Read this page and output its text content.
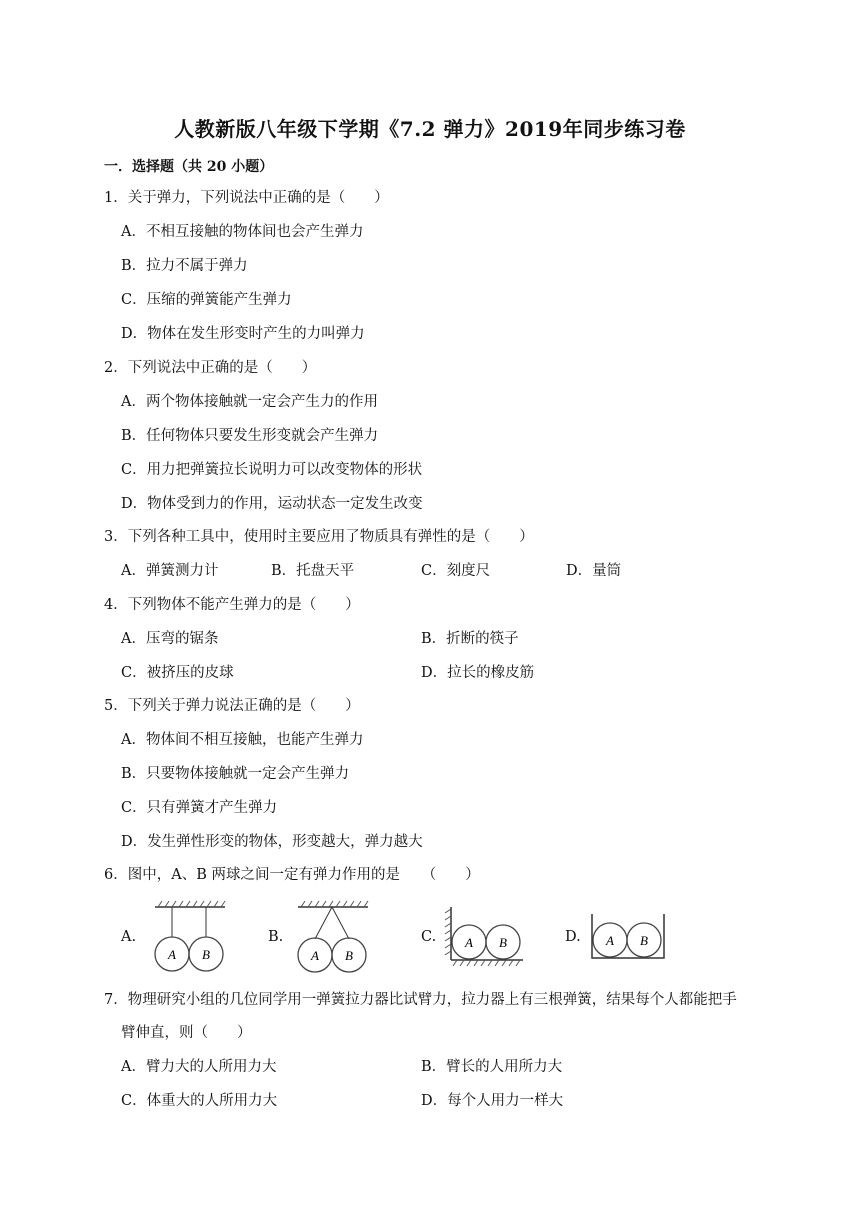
人教新版八年级下学期《7.2 弹力》2019年同步练习卷
一．选择题（共 20 小题）
1．关于弹力，下列说法中正确的是（　　）
A．不相互接触的物体间也会产生弹力
B．拉力不属于弹力
C．压缩的弹簧能产生弹力
D．物体在发生形变时产生的力叫弹力
2．下列说法中正确的是（　　）
A．两个物体接触就一定会产生力的作用
B．任何物体只要发生形变就会产生弹力
C．用力把弹簧拉长说明力可以改变物体的形状
D．物体受到力的作用，运动状态一定发生改变
3．下列各种工具中，使用时主要应用了物质具有弹性的是（　　）
A．弹簧测力计	B．托盘天平	C．刻度尺	D．量筒
4．下列物体不能产生弹力的是（　　）
A．压弯的锯条	B．折断的筷子
C．被挤压的皮球	D．拉长的橡皮筋
5．下列关于弹力说法正确的是（　　）
A．物体间不相互接触，也能产生弹力
B．只要物体接触就一定会产生弹力
C．只有弹簧才产生弹力
D．发生弹性形变的物体，形变越大，弹力越大
6．图中，A、B 两球之间一定有弹力作用的是　　（　　）
A.
A B
B.
A B
C. A B	D. A B
7．物理研究小组的几位同学用一弹簧拉力器比试臂力，拉力器上有三根弹簧，结果每个人都能把手
臂伸直，则（　　）
A．臂力大的人所用力大	B．臂长的人用所力大
C．体重大的人所用力大	D．每个人用力一样大
